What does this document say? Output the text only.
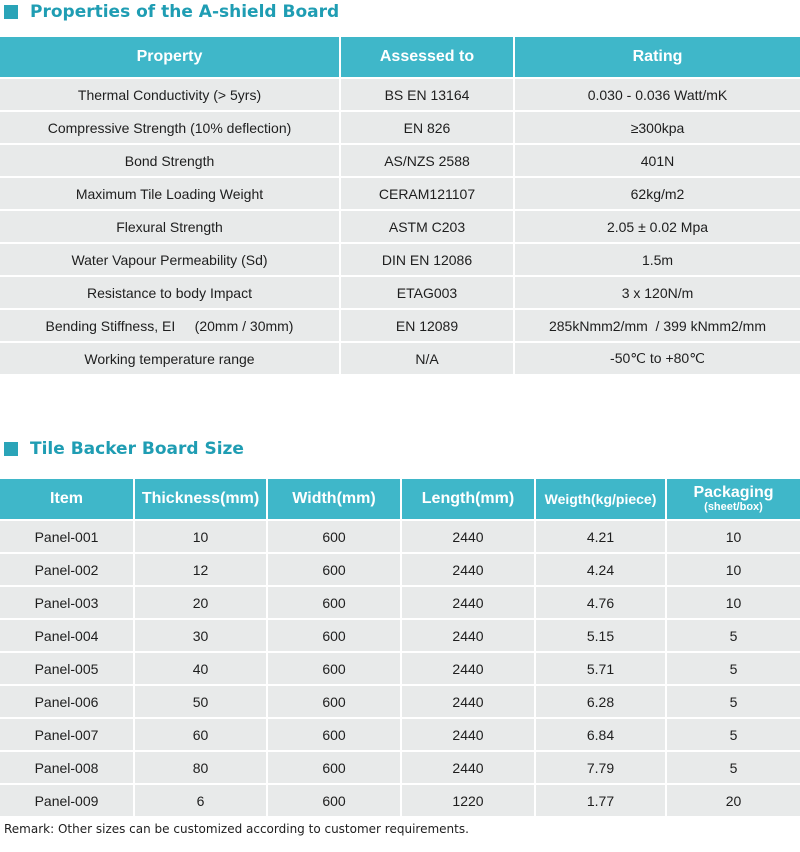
Properties of the A-shield Board
Property	Assessed to	Rating
Thermal Conductivity (> 5yrs)	BS EN 13164	0.030 - 0.036 Watt/mK
Compressive Strength (10% deflection)	EN 826	≥300kpa
Bond Strength	AS/NZS 2588	401N
Maximum Tile Loading Weight	CERAM121107	62kg/m2
Flexural Strength	ASTM C203	2.05 ± 0.02 Mpa
Water Vapour Permeability (Sd)	DIN EN 12086	1.5m
Resistance to body Impact	ETAG003	3 x 120N/m
Bending Stiffness, EI     (20mm / 30mm)	EN 12089	285kNmm2/mm  / 399 kNmm2/mm
Working temperature range	N/A	-50℃ to +80℃
Tile Backer Board Size
Item	Thickness(mm)	Width(mm)	Length(mm)	Weigth(kg/piece)	Packaging
(sheet/box)

Panel-001	10	600	2440	4.21	10
Panel-002	12	600	2440	4.24	10
Panel-003	20	600	2440	4.76	10
Panel-004	30	600	2440	5.15	5
Panel-005	40	600	2440	5.71	5
Panel-006	50	600	2440	6.28	5
Panel-007	60	600	2440	6.84	5
Panel-008	80	600	2440	7.79	5
Panel-009	6	600	1220	1.77	20
Remark: Other sizes can be customized according to customer requirements.
